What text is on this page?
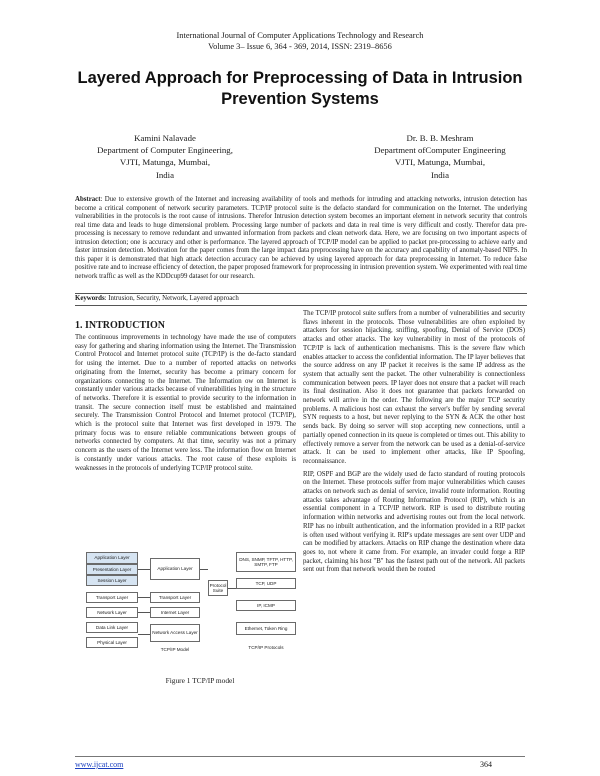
International Journal of Computer Applications Technology and Research
Volume 3– Issue 6, 364 - 369, 2014, ISSN: 2319–8656
Layered Approach for Preprocessing of Data in Intrusion Prevention Systems
Kamini Nalavade
Department of Computer Engineering,
VJTI, Matunga, Mumbai,
India
Dr. B. B. Meshram
Department ofComputer Engineering
VJTI, Matunga, Mumbai,
India
Abstract: Due to extensive growth of the Internet and increasing availability of tools and methods for intruding and attacking networks, intrusion detection has become a critical component of network security parameters. TCP/IP protocol suite is the defacto standard for communication on the Internet. The underlying vulnerabilities in the protocols is the root cause of intrusions. Therefor Intrusion detection system becomes an important element in network security that controls real time data and leads to huge dimensional problem. Processing large number of packets and data in real time is very difficult and costly. Therefor data pre-processing is necessary to remove redundant and unwanted information from packets and clean network data. Here, we are focusing on two important aspects of intrusion detection; one is accuracy and other is performance. The layered approach of TCP/IP model can be applied to packet pre-processing to achieve early and faster intrusion detection. Motivation for the paper comes from the large impact data preprocessing have on the accuracy and capability of anomaly-based NIPS. In this paper it is demonstrated that high attack detection accuracy can be achieved by using layered approach for data preprocessing in Internet. To reduce false positive rate and to increase efficiency of detection, the paper proposed framework for preprocessing in intrusion prevention system. We experimented with real time network traffic as well as the KDDcup99 dataset for our research.
Keywords: Intrusion, Security, Network, Layered approach
1. INTRODUCTION
The continuous improvements in technology have made the use of computers easy for gathering and sharing information using the Internet. The Transmission Control Protocol and Internet protocol suite (TCP/IP) is the de-facto standard for using the internet. Due to a number of reported attacks on networks originating from the Internet, security has become a primary concern for organizations connecting to the Internet. The Information ow on Internet is constantly under various attacks because of vulnerabilities lying in the structure of networks. Therefore it is essential to provide security to the information in transit. The secure connection itself must be established and maintained securely. The Transmission Control Protocol and Internet protocol (TCP/IP), which is the protocol suite that Internet was first developed in 1979. The primary focus was to ensure reliable communications between groups of networks connected by computers. At that time, security was not a primary concern as the users of the Internet were less. The information flow on Internet is constantly under various attacks. The root cause of these exploits is weaknesses in the protocols of underlying TCP/IP protocol suite.
The TCP/IP protocol suite suffers from a number of vulnerabilities and security flaws inherent in the protocols. Those vulnerabilities are often exploited by attackers for session hijacking, sniffing, spoofing, Denial of Service (DOS) attacks and other attacks. The key vulnerability in most of the protocols of TCP/IP is lack of authentication mechanisms. This is the severe flaw which enables attacker to access the confidential information. The IP layer believes that the source address on any IP packet it receives is the same IP address as the system that actually sent the packet. The other vulnerability is connectionless communication between peers. IP layer does not ensure that a packet will reach its final destination. Also it does not guarantee that packets forwarded on network will arrive in the order. The following are the major TCP security problems. A malicious host can exhaust the server's buffer by sending several SYN requests to a host, but never replying to the SYN & ACK the other host sends back. By doing so server will stop accepting new connections, until a partially opened connection in its queue is completed or times out. This ability to effectively remove a server from the network can be used as a denial-of-service attack. It can be used to implement other attacks, like IP Spoofing, reconnaissance.
RIP, OSPF and BGP are the widely used de facto standard of routing protocols on the Internet. These protocols suffer from major vulnerabilities which causes attacks on network such as denial of service, invalid route information. Routing attacks takes advantage of Routing Information Protocol (RIP), which is an essential component in a TCP/IP network. RIP is used to distribute routing information within networks and advertising routes out from the local network. RIP has no inbuilt authentication, and the information provided in a RIP packet is often used without verifying it. RIP's update messages are sent over UDP and can be modified by attackers. Attacks on RIP change the destination where data goes to, not where it came from. For example, an invader could forge a RIP packet, claiming his host "B" has the fastest path out of the network. All packets sent out from that network would then be routed
Application Layer
Presentation Layer
Session Layer
Transport Layer
Network Layer
Data Link Layer
Physical Layer
Application Layer
Transport Layer
Internet Layer
Network Access Layer
TCP/IP Model
Protocol Suite
DNS, SNMP, TFTP, HTTP, SMTP, FTP
TCP, UDP
IP, ICMP
Ethernet, Token Ring
TCP/IP Protocols
Figure 1 TCP/IP model
www.ijcat.com	364
